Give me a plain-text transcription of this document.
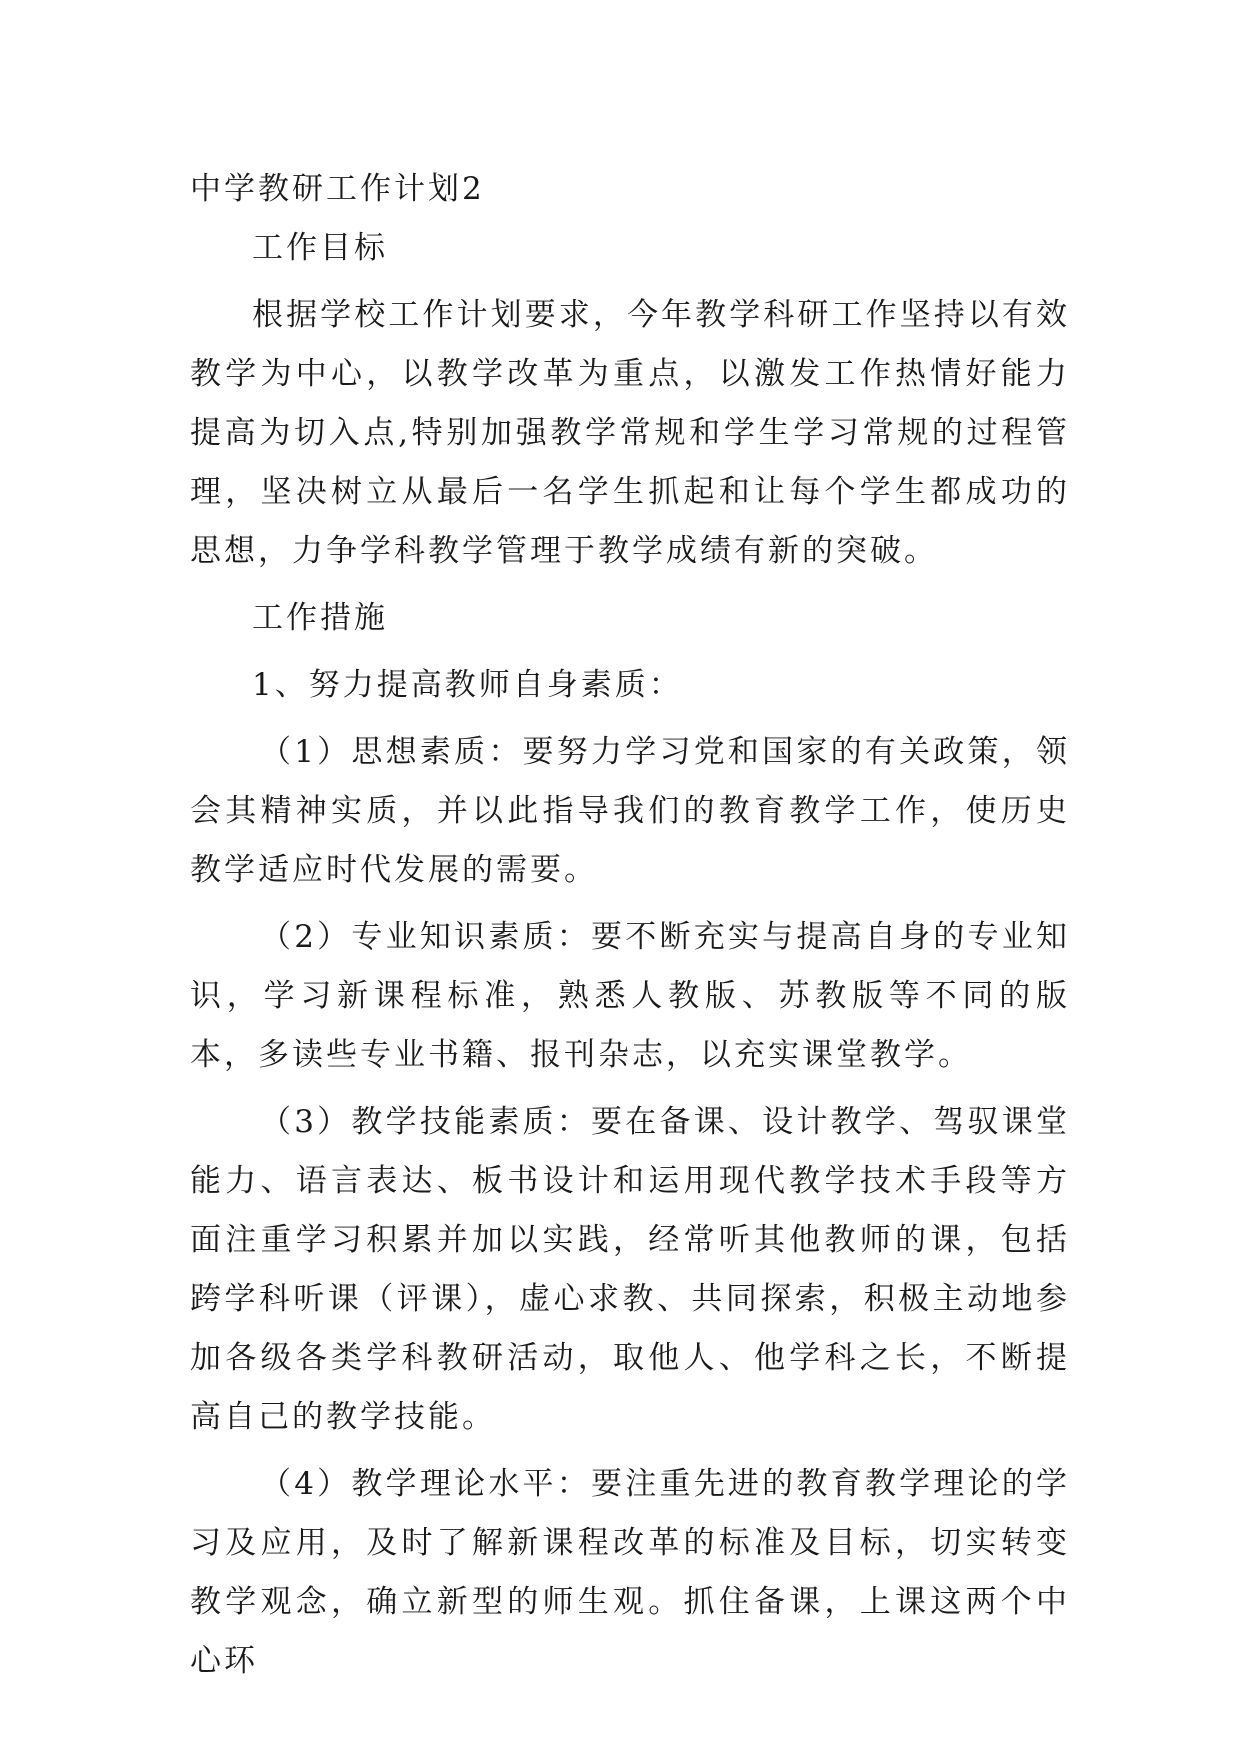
中学教研工作计划2

工作目标

根据学校工作计划要求，今年教学科研工作坚持以有效教学为中心，以教学改革为重点，以激发工作热情好能力提高为切入点,特别加强教学常规和学生学习常规的过程管理，坚决树立从最后一名学生抓起和让每个学生都成功的思想，力争学科教学管理于教学成绩有新的突破。

工作措施

1、努力提高教师自身素质：

（1）思想素质：要努力学习党和国家的有关政策，领会其精神实质，并以此指导我们的教育教学工作，使历史教学适应时代发展的需要。

（2）专业知识素质：要不断充实与提高自身的专业知识，学习新课程标准，熟悉人教版、苏教版等不同的版本，多读些专业书籍、报刊杂志，以充实课堂教学。

（3）教学技能素质：要在备课、设计教学、驾驭课堂能力、语言表达、板书设计和运用现代教学技术手段等方面注重学习积累并加以实践，经常听其他教师的课，包括跨学科听课（评课），虚心求教、共同探索，积极主动地参加各级各类学科教研活动，取他人、他学科之长，不断提高自己的教学技能。

（4）教学理论水平：要注重先进的教育教学理论的学习及应用，及时了解新课程改革的标准及目标，切实转变教学观念，确立新型的师生观。抓住备课，上课这两个中心环
